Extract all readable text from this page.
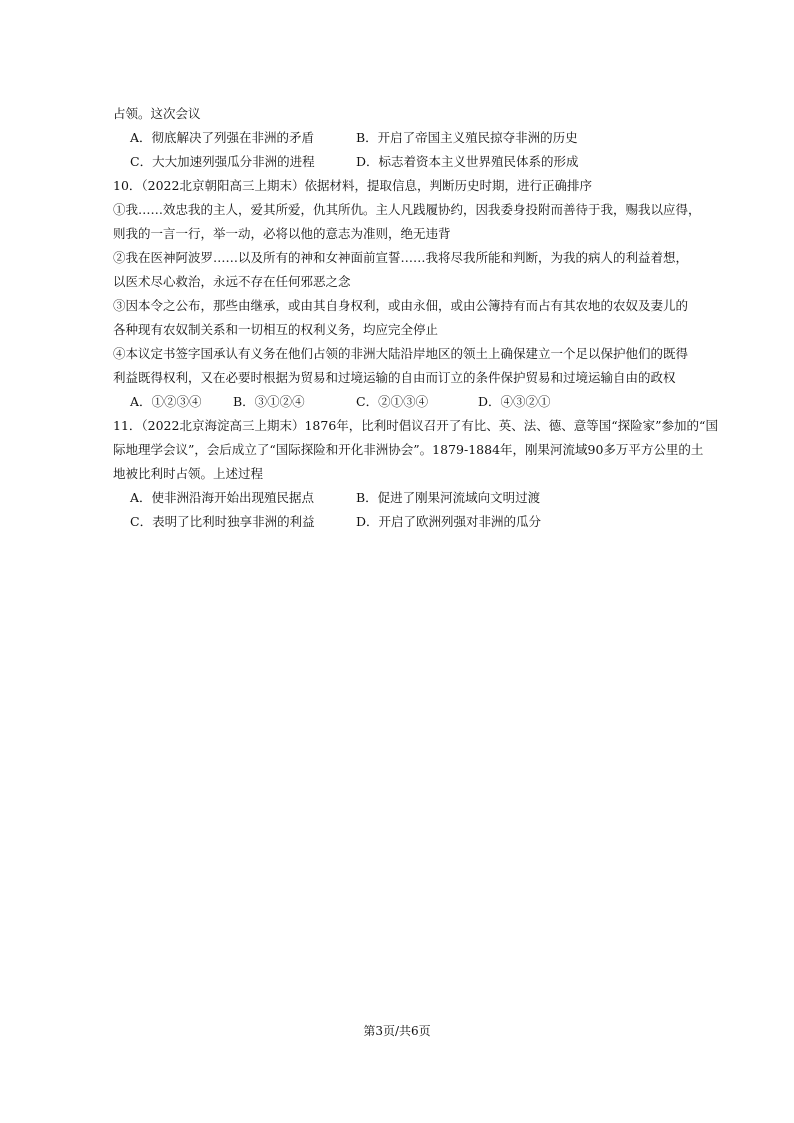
占领。这次会议
A．彻底解决了列强在非洲的矛盾	B．开启了帝国主义殖民掠夺非洲的历史
C．大大加速列强瓜分非洲的进程	D．标志着资本主义世界殖民体系的形成
10．（2022北京朝阳高三上期末）依据材料，提取信息，判断历史时期，进行正确排序
①我……效忠我的主人，爱其所爱，仇其所仇。主人凡践履协约，因我委身投附而善待于我，赐我以应得，
则我的一言一行，举一动，必将以他的意志为准则，绝无违背
②我在医神阿波罗……以及所有的神和女神面前宣誓……我将尽我所能和判断，为我的病人的利益着想，
以医术尽心救治，永远不存在任何邪恶之念
③因本令之公布，那些由继承，或由其自身权利，或由永佃，或由公簿持有而占有其农地的农奴及妻儿的
各种现有农奴制关系和一切相互的权利义务，均应完全停止
④本议定书签字国承认有义务在他们占领的非洲大陆沿岸地区的领土上确保建立一个足以保护他们的既得
利益既得权利，又在必要时根据为贸易和过境运输的自由而订立的条件保护贸易和过境运输自由的政权
A．①②③④	B．③①②④	C．②①③④	D．④③②①
11．（2022北京海淀高三上期末）1876年，比利时倡议召开了有比、英、法、德、意等国“探险家”参加的“国
际地理学会议”，会后成立了“国际探险和开化非洲协会”。1879-1884年，刚果河流域90多万平方公里的土
地被比利时占领。上述过程
A．使非洲沿海开始出现殖民据点	B．促进了刚果河流域向文明过渡
C．表明了比利时独享非洲的利益	D．开启了欧洲列强对非洲的瓜分
第3页/共6页
